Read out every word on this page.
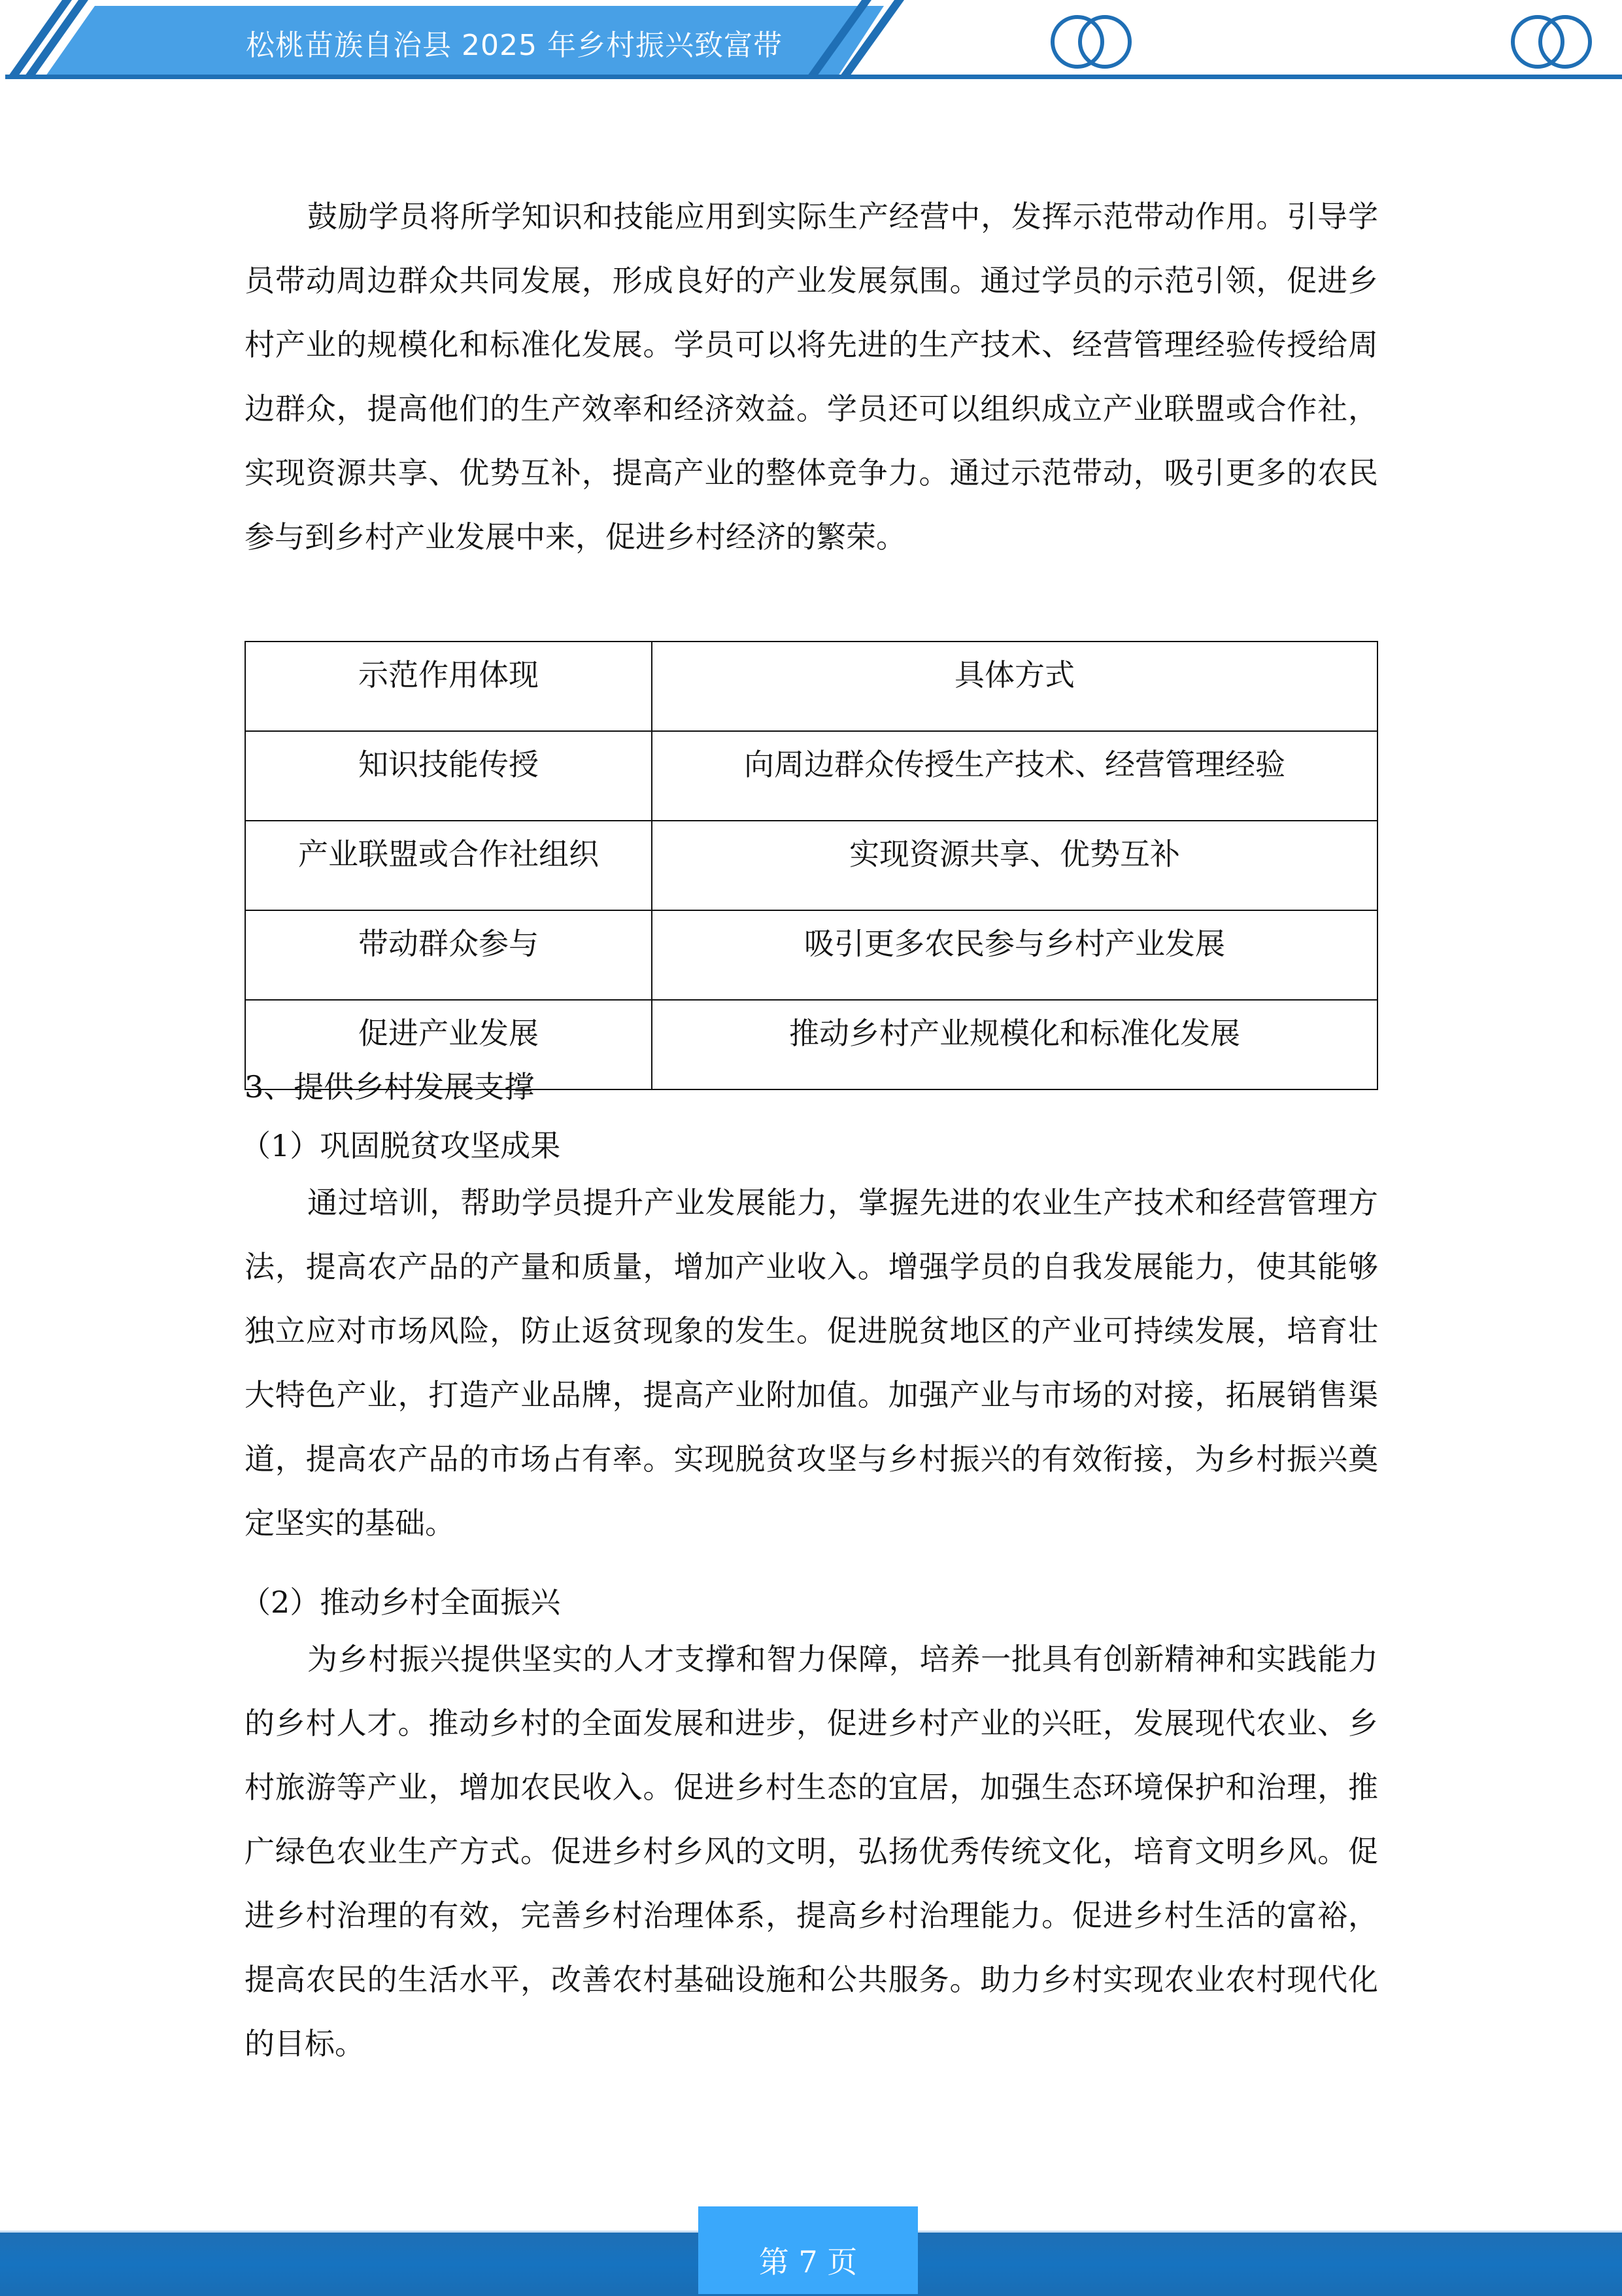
松桃苗族自治县 2025 年乡村振兴致富带

鼓励学员将所学知识和技能应用到实际生产经营中，发挥示范带动作用。引导学员带动周边群众共同发展，形成良好的产业发展氛围。通过学员的示范引领，促进乡村产业的规模化和标准化发展。学员可以将先进的生产技术、经营管理经验传授给周边群众，提高他们的生产效率和经济效益。学员还可以组织成立产业联盟或合作社，实现资源共享、优势互补，提高产业的整体竞争力。通过示范带动，吸引更多的农民参与到乡村产业发展中来，促进乡村经济的繁荣。

示范作用体现	具体方式
知识技能传授	向周边群众传授生产技术、经营管理经验
产业联盟或合作社组织	实现资源共享、优势互补
带动群众参与	吸引更多农民参与乡村产业发展
促进产业发展	推动乡村产业规模化和标准化发展
3、提供乡村发展支撑
（1）巩固脱贫攻坚成果

通过培训，帮助学员提升产业发展能力，掌握先进的农业生产技术和经营管理方法，提高农产品的产量和质量，增加产业收入。增强学员的自我发展能力，使其能够独立应对市场风险，防止返贫现象的发生。促进脱贫地区的产业可持续发展，培育壮大特色产业，打造产业品牌，提高产业附加值。加强产业与市场的对接，拓展销售渠道，提高农产品的市场占有率。实现脱贫攻坚与乡村振兴的有效衔接，为乡村振兴奠定坚实的基础。

（2）推动乡村全面振兴

为乡村振兴提供坚实的人才支撑和智力保障，培养一批具有创新精神和实践能力的乡村人才。推动乡村的全面发展和进步，促进乡村产业的兴旺，发展现代农业、乡村旅游等产业，增加农民收入。促进乡村生态的宜居，加强生态环境保护和治理，推广绿色农业生产方式。促进乡村乡风的文明，弘扬优秀传统文化，培育文明乡风。促进乡村治理的有效，完善乡村治理体系，提高乡村治理能力。促进乡村生活的富裕，提高农民的生活水平，改善农村基础设施和公共服务。助力乡村实现农业农村现代化的目标。

第 7 页
